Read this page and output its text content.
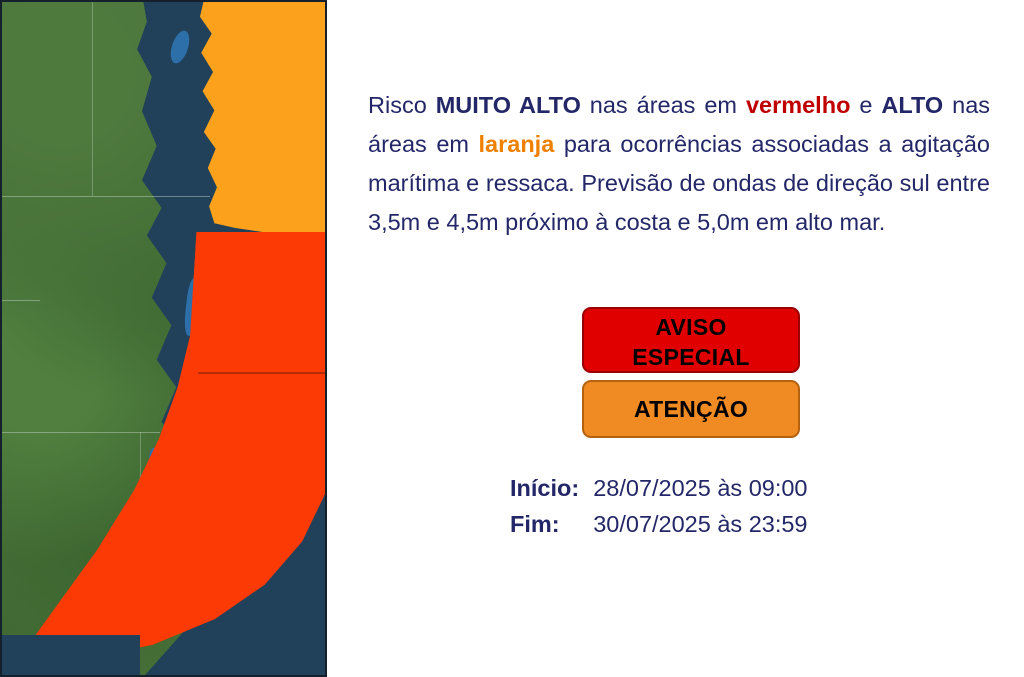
Risco MUITO ALTO nas áreas em vermelho e ALTO nas áreas em laranja para ocorrências associadas a agitação marítima e ressaca. Previsão de ondas de direção sul entre 3,5m e 4,5m próximo à costa e 5,0m em alto mar.

AVISO
ESPECIAL
ATENÇÃO
Início:	28/07/2025 às 09:00
Fim:	30/07/2025 às 23:59
